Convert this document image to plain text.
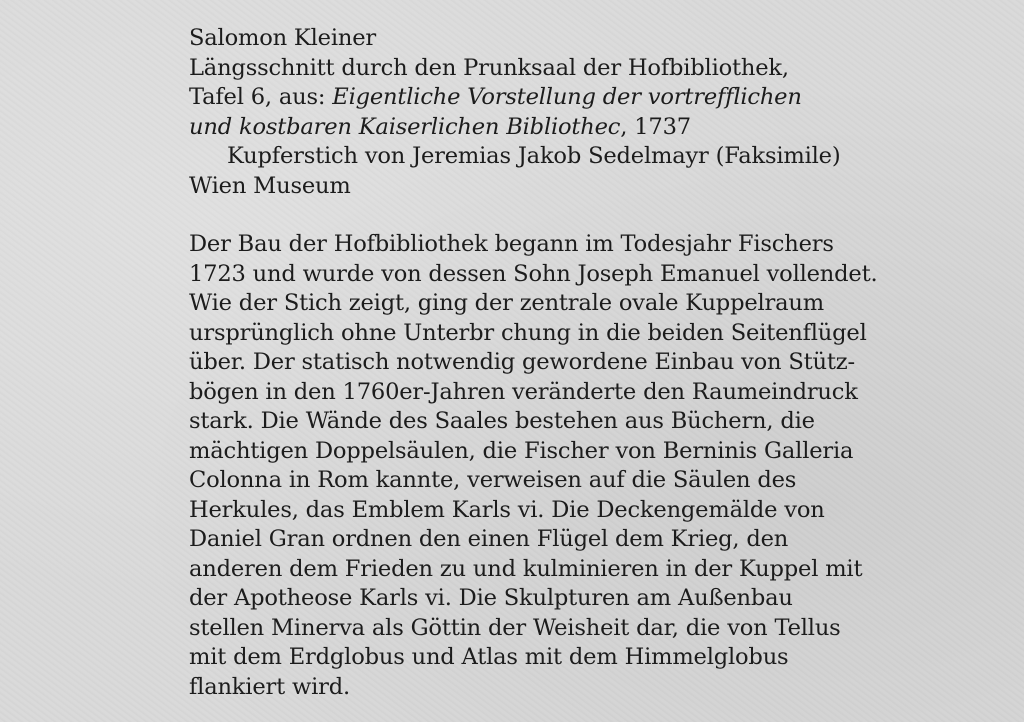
Salomon Kleiner
Längsschnitt durch den Prunksaal der Hofbibliothek,
Tafel 6, aus: Eigentliche Vorstellung der vortrefflichen
und kostbaren Kaiserlichen Bibliothec, 1737
Kupferstich von Jeremias Jakob Sedelmayr (Faksimile)
Wien Museum
Der Bau der Hofbibliothek begann im Todesjahr Fischers
1723 und wurde von dessen Sohn Joseph Emanuel vollendet.
Wie der Stich zeigt, ging der zentrale ovale Kuppelraum
ursprünglich ohne Unterbr chung in die beiden Seitenflügel
über. Der statisch notwendig gewordene Einbau von Stütz-
bögen in den 1760er-Jahren veränderte den Raumeindruck
stark. Die Wände des Saales bestehen aus Büchern, die
mächtigen Doppelsäulen, die Fischer von Berninis Galleria
Colonna in Rom kannte, verweisen auf die Säulen des
Herkules, das Emblem Karls vi. Die Deckengemälde von
Daniel Gran ordnen den einen Flügel dem Krieg, den
anderen dem Frieden zu und kulminieren in der Kuppel mit
der Apotheose Karls vi. Die Skulpturen am Außenbau
stellen Minerva als Göttin der Weisheit dar, die von Tellus
mit dem Erdglobus und Atlas mit dem Himmelglobus
flankiert wird.
